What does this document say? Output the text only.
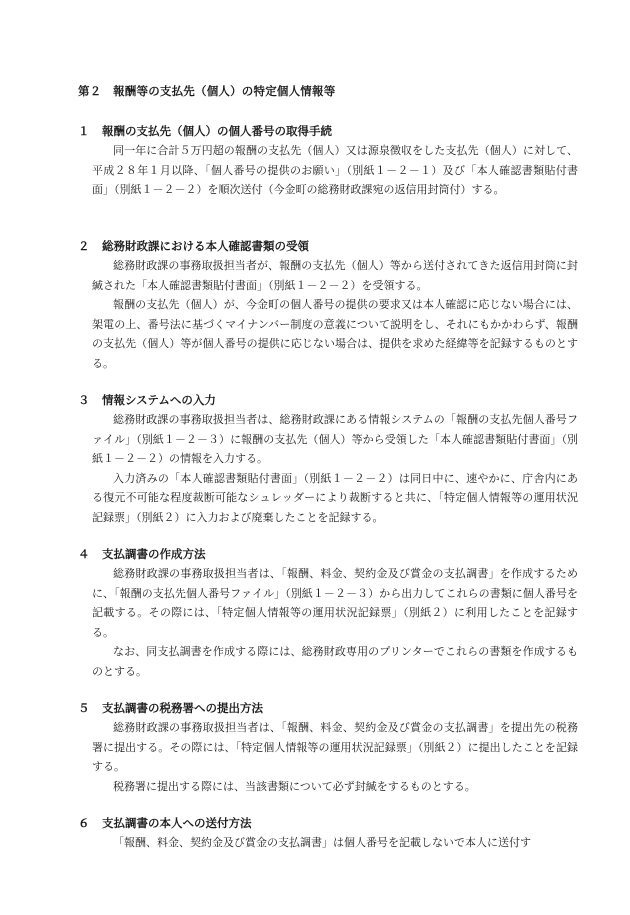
第２　報酬等の支払先（個人）の特定個人情報等
１ 報酬の支払先（個人）の個人番号の取得手続

同一年に合計５万円超の報酬の支払先（個人）又は源泉徴収をした支払先（個人）に対して、平成２８年１月以降、「個人番号の提供のお願い」（別紙１－２－１）及び「本人確認書類貼付書面」（別紙１－２－２）を順次送付（今金町の総務財政課宛の返信用封筒付）する。

２ 総務財政課における本人確認書類の受領

総務財政課の事務取扱担当者が、報酬の支払先（個人）等から送付されてきた返信用封筒に封緘された「本人確認書類貼付書面」（別紙１－２－２）を受領する。

報酬の支払先（個人）が、今金町の個人番号の提供の要求又は本人確認に応じない場合には、架電の上、番号法に基づくマイナンバー制度の意義について説明をし、それにもかかわらず、報酬の支払先（個人）等が個人番号の提供に応じない場合は、提供を求めた経緯等を記録するものとする。

３ 情報システムへの入力

総務財政課の事務取扱担当者は、総務財政課にある情報システムの「報酬の支払先個人番号ファイル」（別紙１－２－３）に報酬の支払先（個人）等から受領した「本人確認書類貼付書面」（別紙１－２－２）の情報を入力する。

入力済みの「本人確認書類貼付書面」（別紙１－２－２）は同日中に、速やかに、庁舎内にある復元不可能な程度裁断可能なシュレッダーにより裁断すると共に、「特定個人情報等の運用状況記録票」（別紙２）に入力および廃棄したことを記録する。

４ 支払調書の作成方法

総務財政課の事務取扱担当者は、「報酬、料金、契約金及び賞金の支払調書」を作成するために、「報酬の支払先個人番号ファイル」（別紙１－２－３）から出力してこれらの書類に個人番号を記載する。その際には、「特定個人情報等の運用状況記録票」（別紙２）に利用したことを記録する。

なお、同支払調書を作成する際には、総務財政専用のプリンターでこれらの書類を作成するものとする。

５ 支払調書の税務署への提出方法

総務財政課の事務取扱担当者は、「報酬、料金、契約金及び賞金の支払調書」を提出先の税務署に提出する。その際には、「特定個人情報等の運用状況記録票」（別紙２）に提出したことを記録する。

税務署に提出する際には、当該書類について必ず封緘をするものとする。

６ 支払調書の本人への送付方法

「報酬、料金、契約金及び賞金の支払調書」は個人番号を記載しないで本人に送付す
